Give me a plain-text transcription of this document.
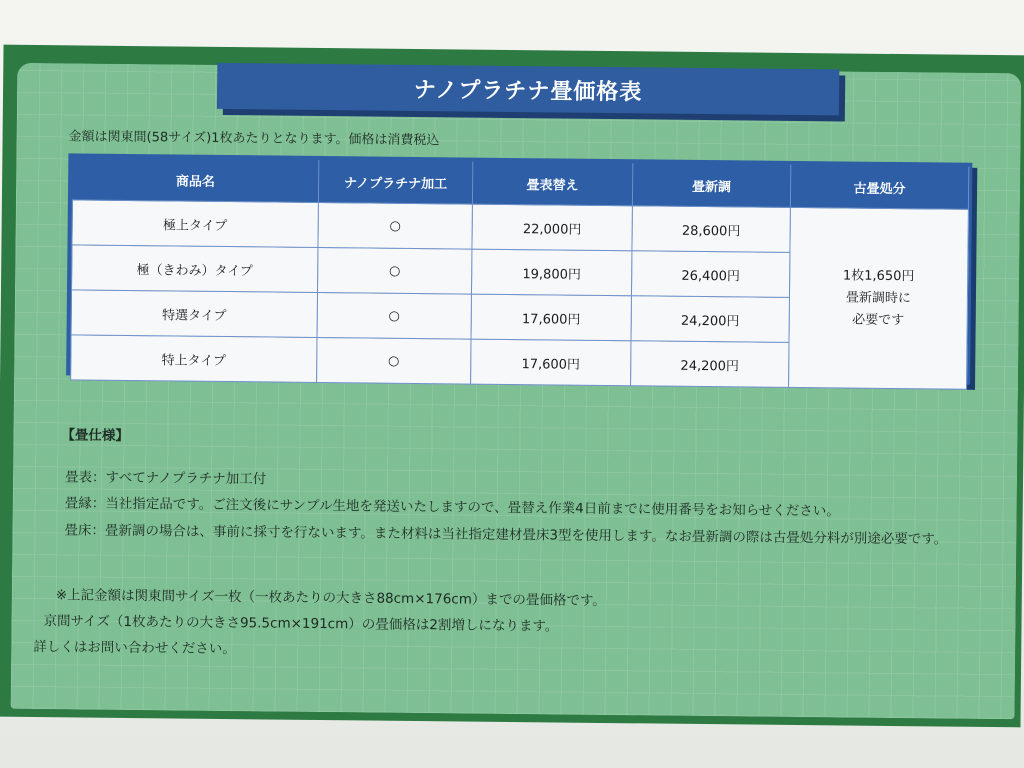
ナノプラチナ畳価格表
金額は関東間(58サイズ)1枚あたりとなります。価格は消費税込
商品名	ナノプラチナ加工	畳表替え	畳新調	古畳処分
極上タイプ	○	22,000円	28,600円	1枚1,650円
畳新調時に
必要です

極（きわみ）タイプ	○	19,800円	26,400円	
特選タイプ	○	17,600円	24,200円	
特上タイプ	○	17,600円	24,200円	
【畳仕様】
畳表：すべてナノプラチナ加工付
畳縁：当社指定品です。ご注文後にサンプル生地を発送いたしますので、畳替え作業4日前までに使用番号をお知らせください。
畳床：畳新調の場合は、事前に採寸を行ないます。また材料は当社指定建材畳床3型を使用します。なお畳新調の際は古畳処分料が別途必要です。
※上記金額は関東間サイズ一枚（一枚あたりの大きさ88cm×176cm）までの畳価格です。
京間サイズ（1枚あたりの大きさ95.5cm×191cm）の畳価格は2割増しになります。
詳しくはお問い合わせください。
